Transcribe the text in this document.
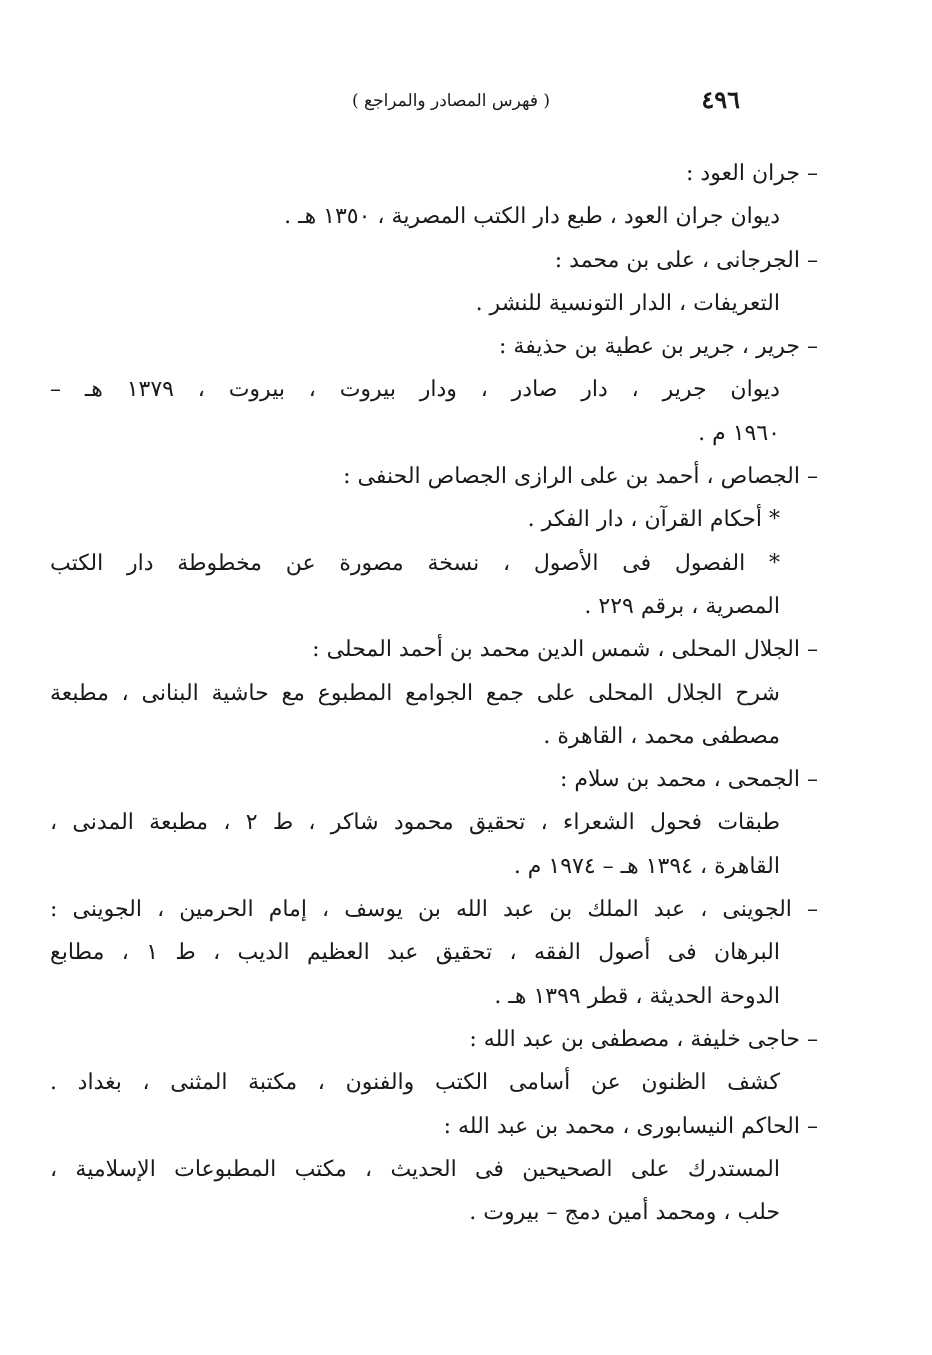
٤٩٦
( فهرس المصادر والمراجع )
– جران العود :
ديوان جران العود ، طبع دار الكتب المصرية ، ١٣٥٠ هـ .
– الجرجانى ، على بن محمد :
التعريفات ، الدار التونسية للنشر .
– جرير ، جرير بن عطية بن حذيفة :
ديوان جرير ، دار صادر ، ودار بيروت ، بيروت ، ١٣٧٩ هـ –
١٩٦٠ م .
– الجصاص ، أحمد بن على الرازى الجصاص الحنفى :
* أحكام القرآن ، دار الفكر .
* الفصول فى الأصول ، نسخة مصورة عن مخطوطة دار الكتب
المصرية ، برقم ٢٢٩ .
– الجلال المحلى ، شمس الدين محمد بن أحمد المحلى :
شرح الجلال المحلى على جمع الجوامع المطبوع مع حاشية البنانى ، مطبعة
مصطفى محمد ، القاهرة .
– الجمحى ، محمد بن سلام :
طبقات فحول الشعراء ، تحقيق محمود شاكر ، ط ٢ ، مطبعة المدنى ،
القاهرة ، ١٣٩٤ هـ – ١٩٧٤ م .
– الجوينى ، عبد الملك بن عبد الله بن يوسف ، إمام الحرمين ، الجوينى :
البرهان فى أصول الفقه ، تحقيق عبد العظيم الديب ، ط ١ ، مطابع
الدوحة الحديثة ، قطر ١٣٩٩ هـ .
– حاجى خليفة ، مصطفى بن عبد الله :
كشف الظنون عن أسامى الكتب والفنون ، مكتبة المثنى ، بغداد .
– الحاكم النيسابورى ، محمد بن عبد الله :
المستدرك على الصحيحين فى الحديث ، مكتب المطبوعات الإسلامية ،
حلب ، ومحمد أمين دمج – بيروت .
